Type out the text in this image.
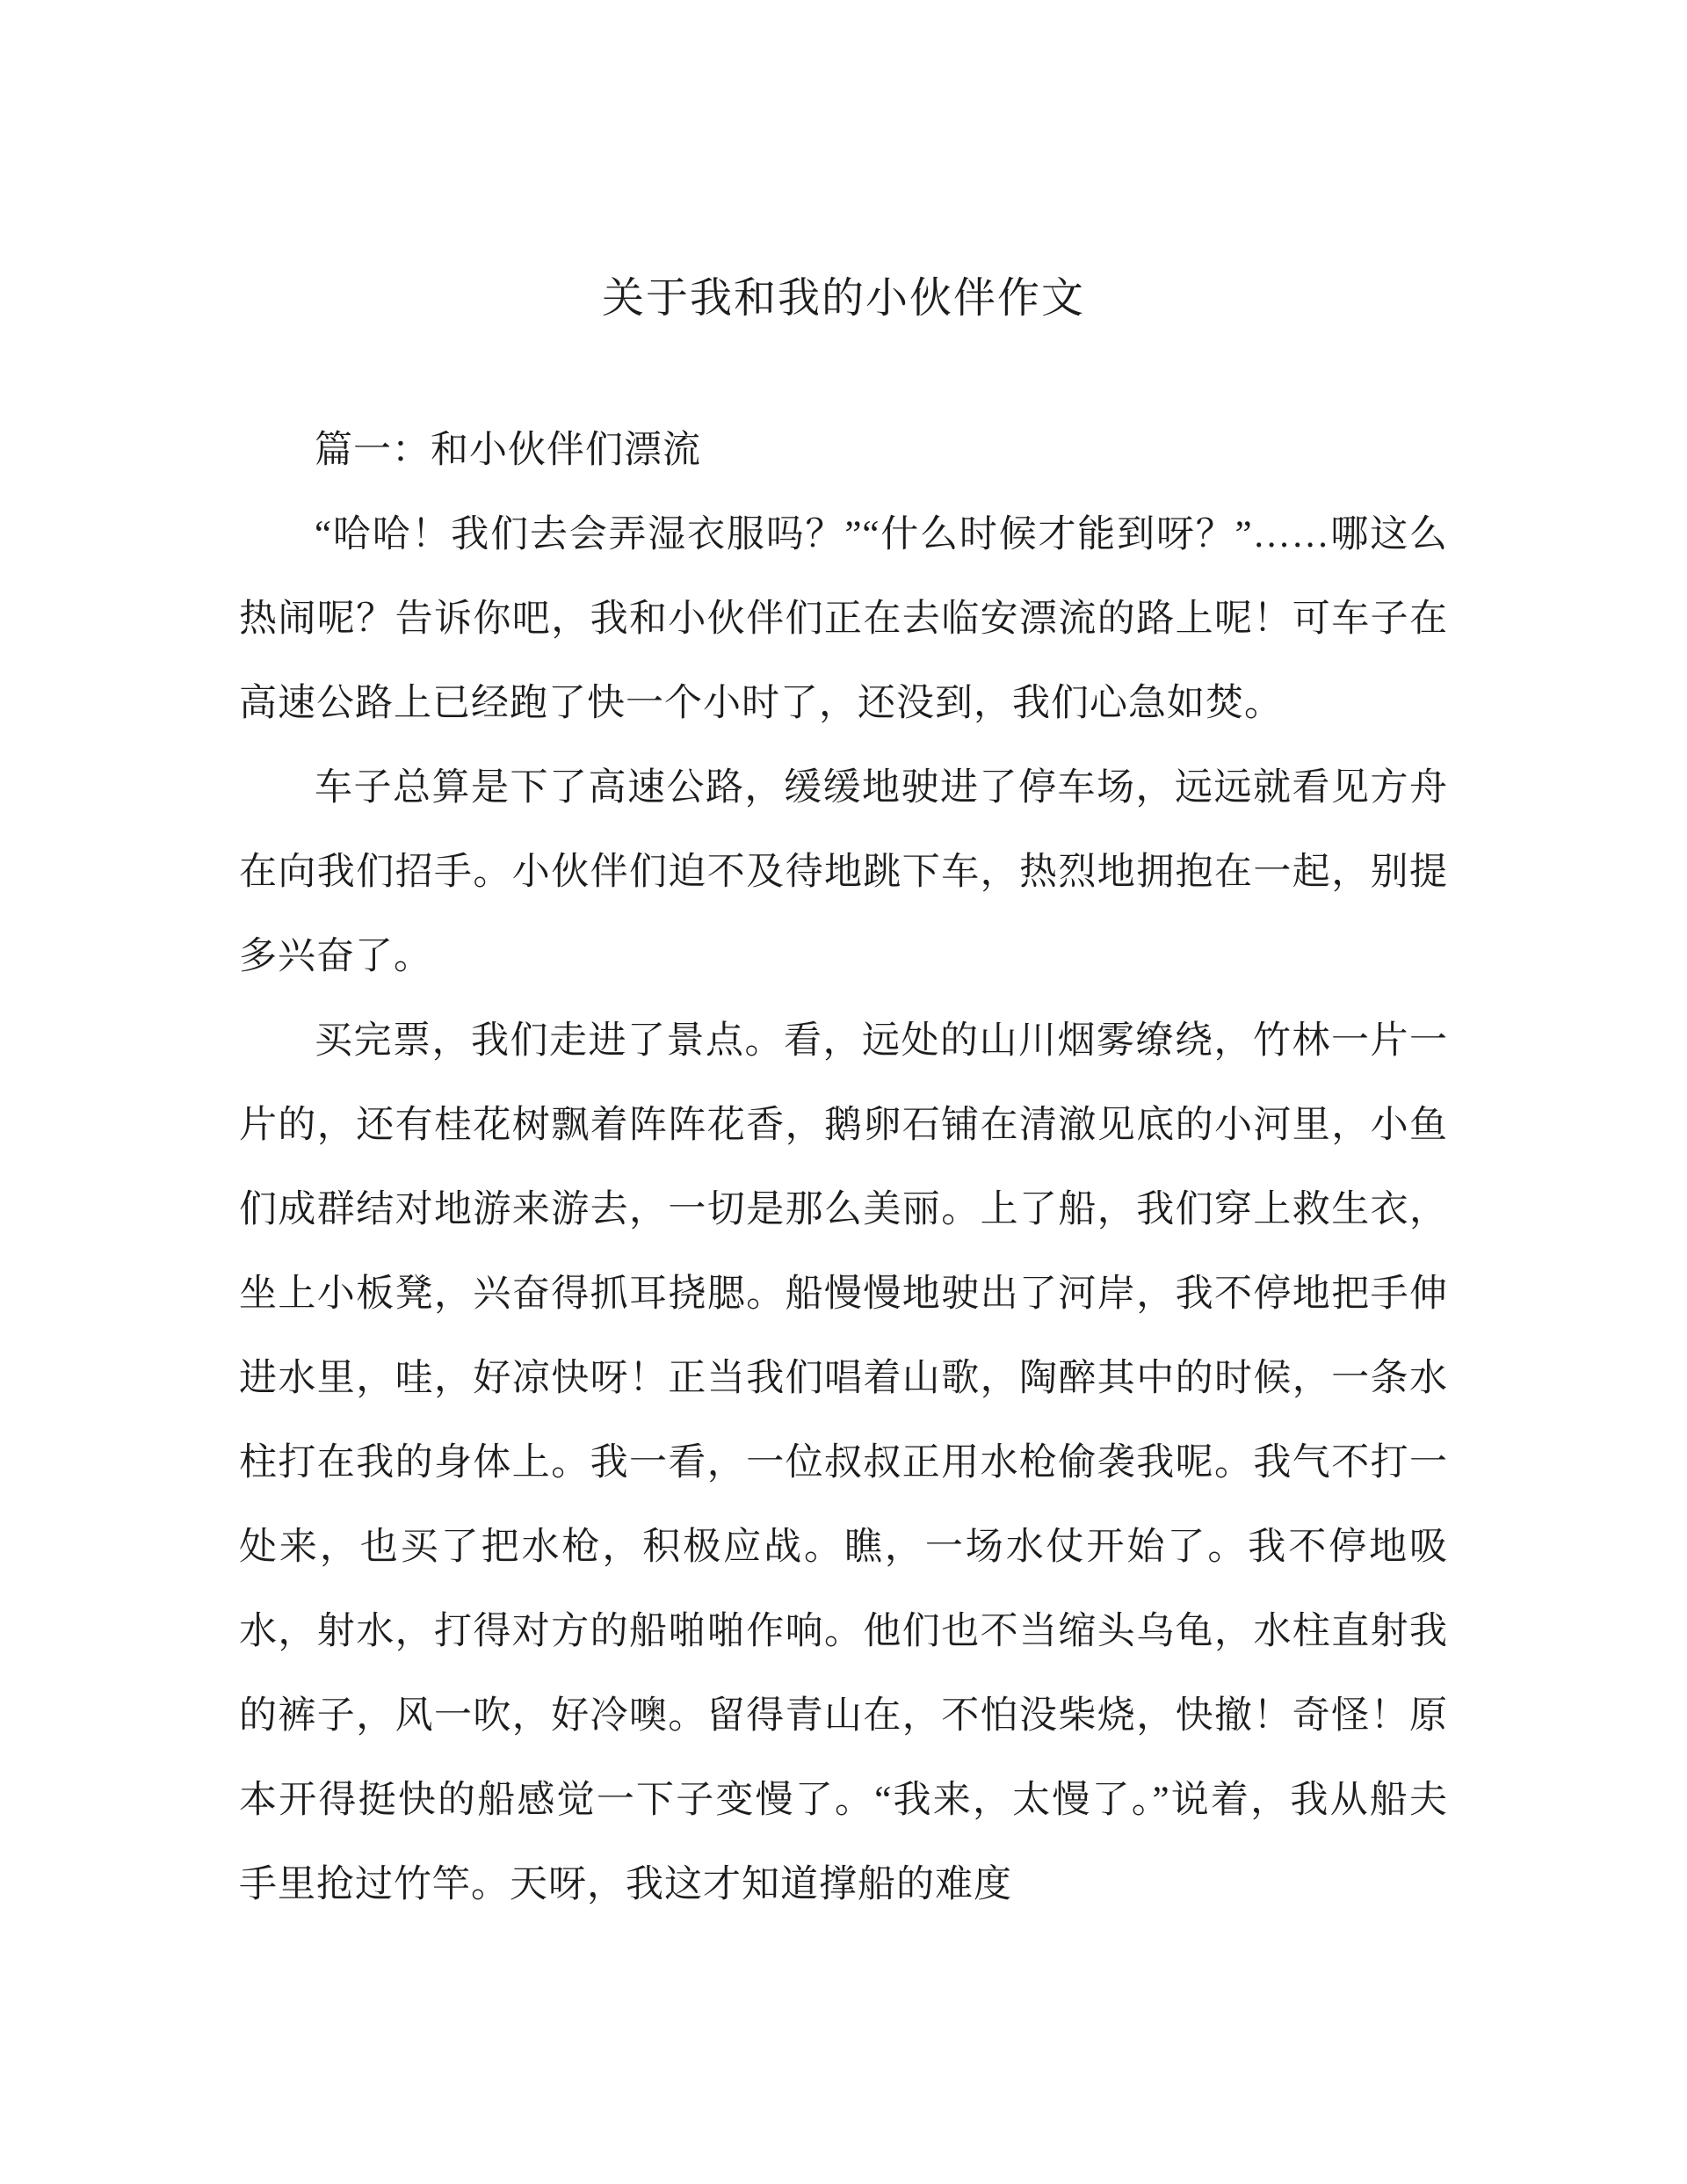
关于我和我的小伙伴作文

篇一：和小伙伴们漂流

“哈哈！我们去会弄湿衣服吗？”“什么时候才能到呀？”……哪这么热闹呢？告诉你吧，我和小伙伴们正在去临安漂流的路上呢！可车子在高速公路上已经跑了快一个小时了，还没到，我们心急如焚。

车子总算是下了高速公路，缓缓地驶进了停车场，远远就看见方舟在向我们招手。小伙伴们迫不及待地跳下车，热烈地拥抱在一起，别提多兴奋了。

买完票，我们走进了景点。看，远处的山川烟雾缭绕，竹林一片一片的，还有桂花树飘着阵阵花香，鹅卵石铺在清澈见底的小河里，小鱼们成群结对地游来游去，一切是那么美丽。上了船，我们穿上救生衣，坐上小板凳，兴奋得抓耳挠腮。船慢慢地驶出了河岸，我不停地把手伸进水里，哇，好凉快呀！正当我们唱着山歌，陶醉其中的时候，一条水柱打在我的身体上。我一看，一位叔叔正用水枪偷袭我呢。我气不打一处来，也买了把水枪，积极应战。瞧，一场水仗开始了。我不停地吸水，射水，打得对方的船啪啪作响。他们也不当缩头乌龟，水柱直射我的裤子，风一吹，好冷噢。留得青山在，不怕没柴烧，快撤！奇怪！原本开得挺快的船感觉一下子变慢了。“我来，太慢了。”说着，我从船夫手里抢过竹竿。天呀，我这才知道撑船的难度
